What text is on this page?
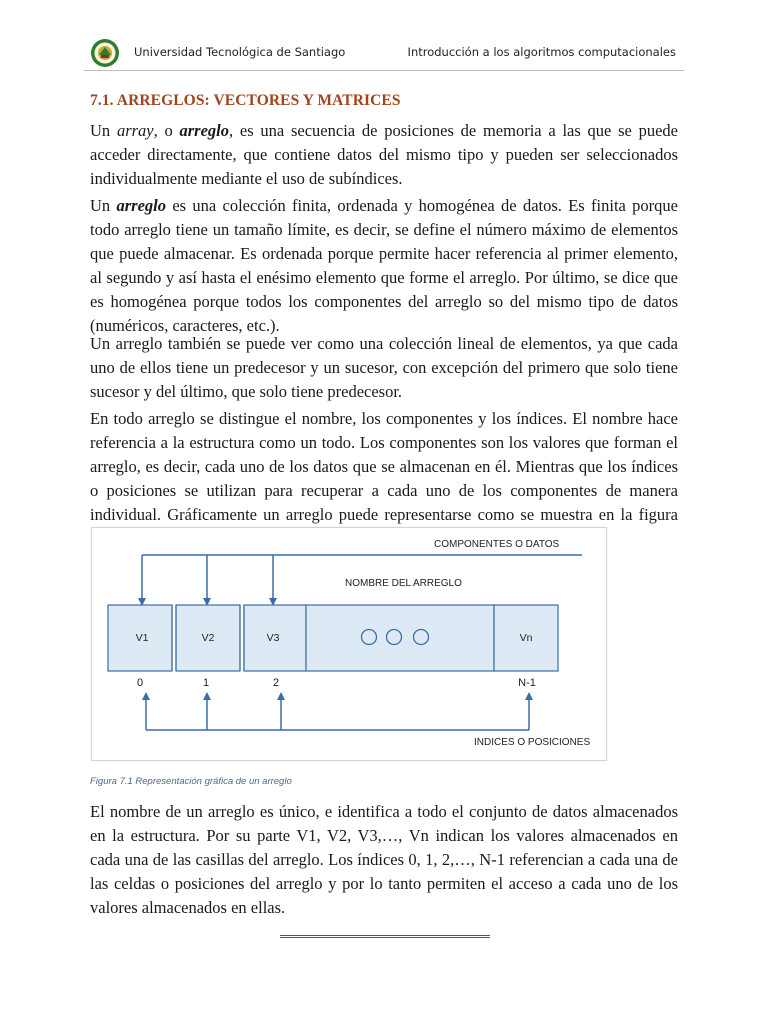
Universidad Tecnológica de Santiago	Introducción a los algoritmos computacionales
7.1. ARREGLOS: VECTORES Y MATRICES

Un array, o arreglo, es una secuencia de posiciones de memoria a las que se puede acceder directamente, que contiene datos del mismo tipo y pueden ser seleccionados individualmente mediante el uso de subíndices.

Un arreglo es una colección finita, ordenada y homogénea de datos. Es finita porque todo arreglo tiene un tamaño límite, es decir, se define el número máximo de elementos que puede almacenar. Es ordenada porque permite hacer referencia al primer elemento, al segundo y así hasta el enésimo elemento que forme el arreglo. Por último, se dice que es homogénea porque todos los componentes del arreglo so del mismo tipo de datos (numéricos, caracteres, etc.).

Un arreglo también se puede ver como una colección lineal de elementos, ya que cada uno de ellos tiene un predecesor y un sucesor, con excepción del primero que solo tiene sucesor y del último, que solo tiene predecesor.

En todo arreglo se distingue el nombre, los componentes y los índices. El nombre hace referencia a la estructura como un todo. Los componentes son los valores que forman el arreglo, es decir, cada uno de los datos que se almacenan en él. Mientras que los índices o posiciones se utilizan para recuperar a cada uno de los componentes de manera individual. Gráficamente un arreglo puede representarse como se muestra en la figura

COMPONENTES O DATOS
NOMBRE DEL ARREGLO
V1	V2	V3	Vn
0	1	2	N-1
INDICES O POSICIONES
Figura 7.1 Representación gráfica de un arreglo

El nombre de un arreglo es único, e identifica a todo el conjunto de datos almacenados en la estructura. Por su parte V1, V2, V3,…, Vn indican los valores almacenados en cada una de las casillas del arreglo. Los índices 0, 1, 2,…, N-1 referencian a cada una de las celdas o posiciones del arreglo y por lo tanto permiten el acceso a cada uno de los valores almacenados en ellas.
